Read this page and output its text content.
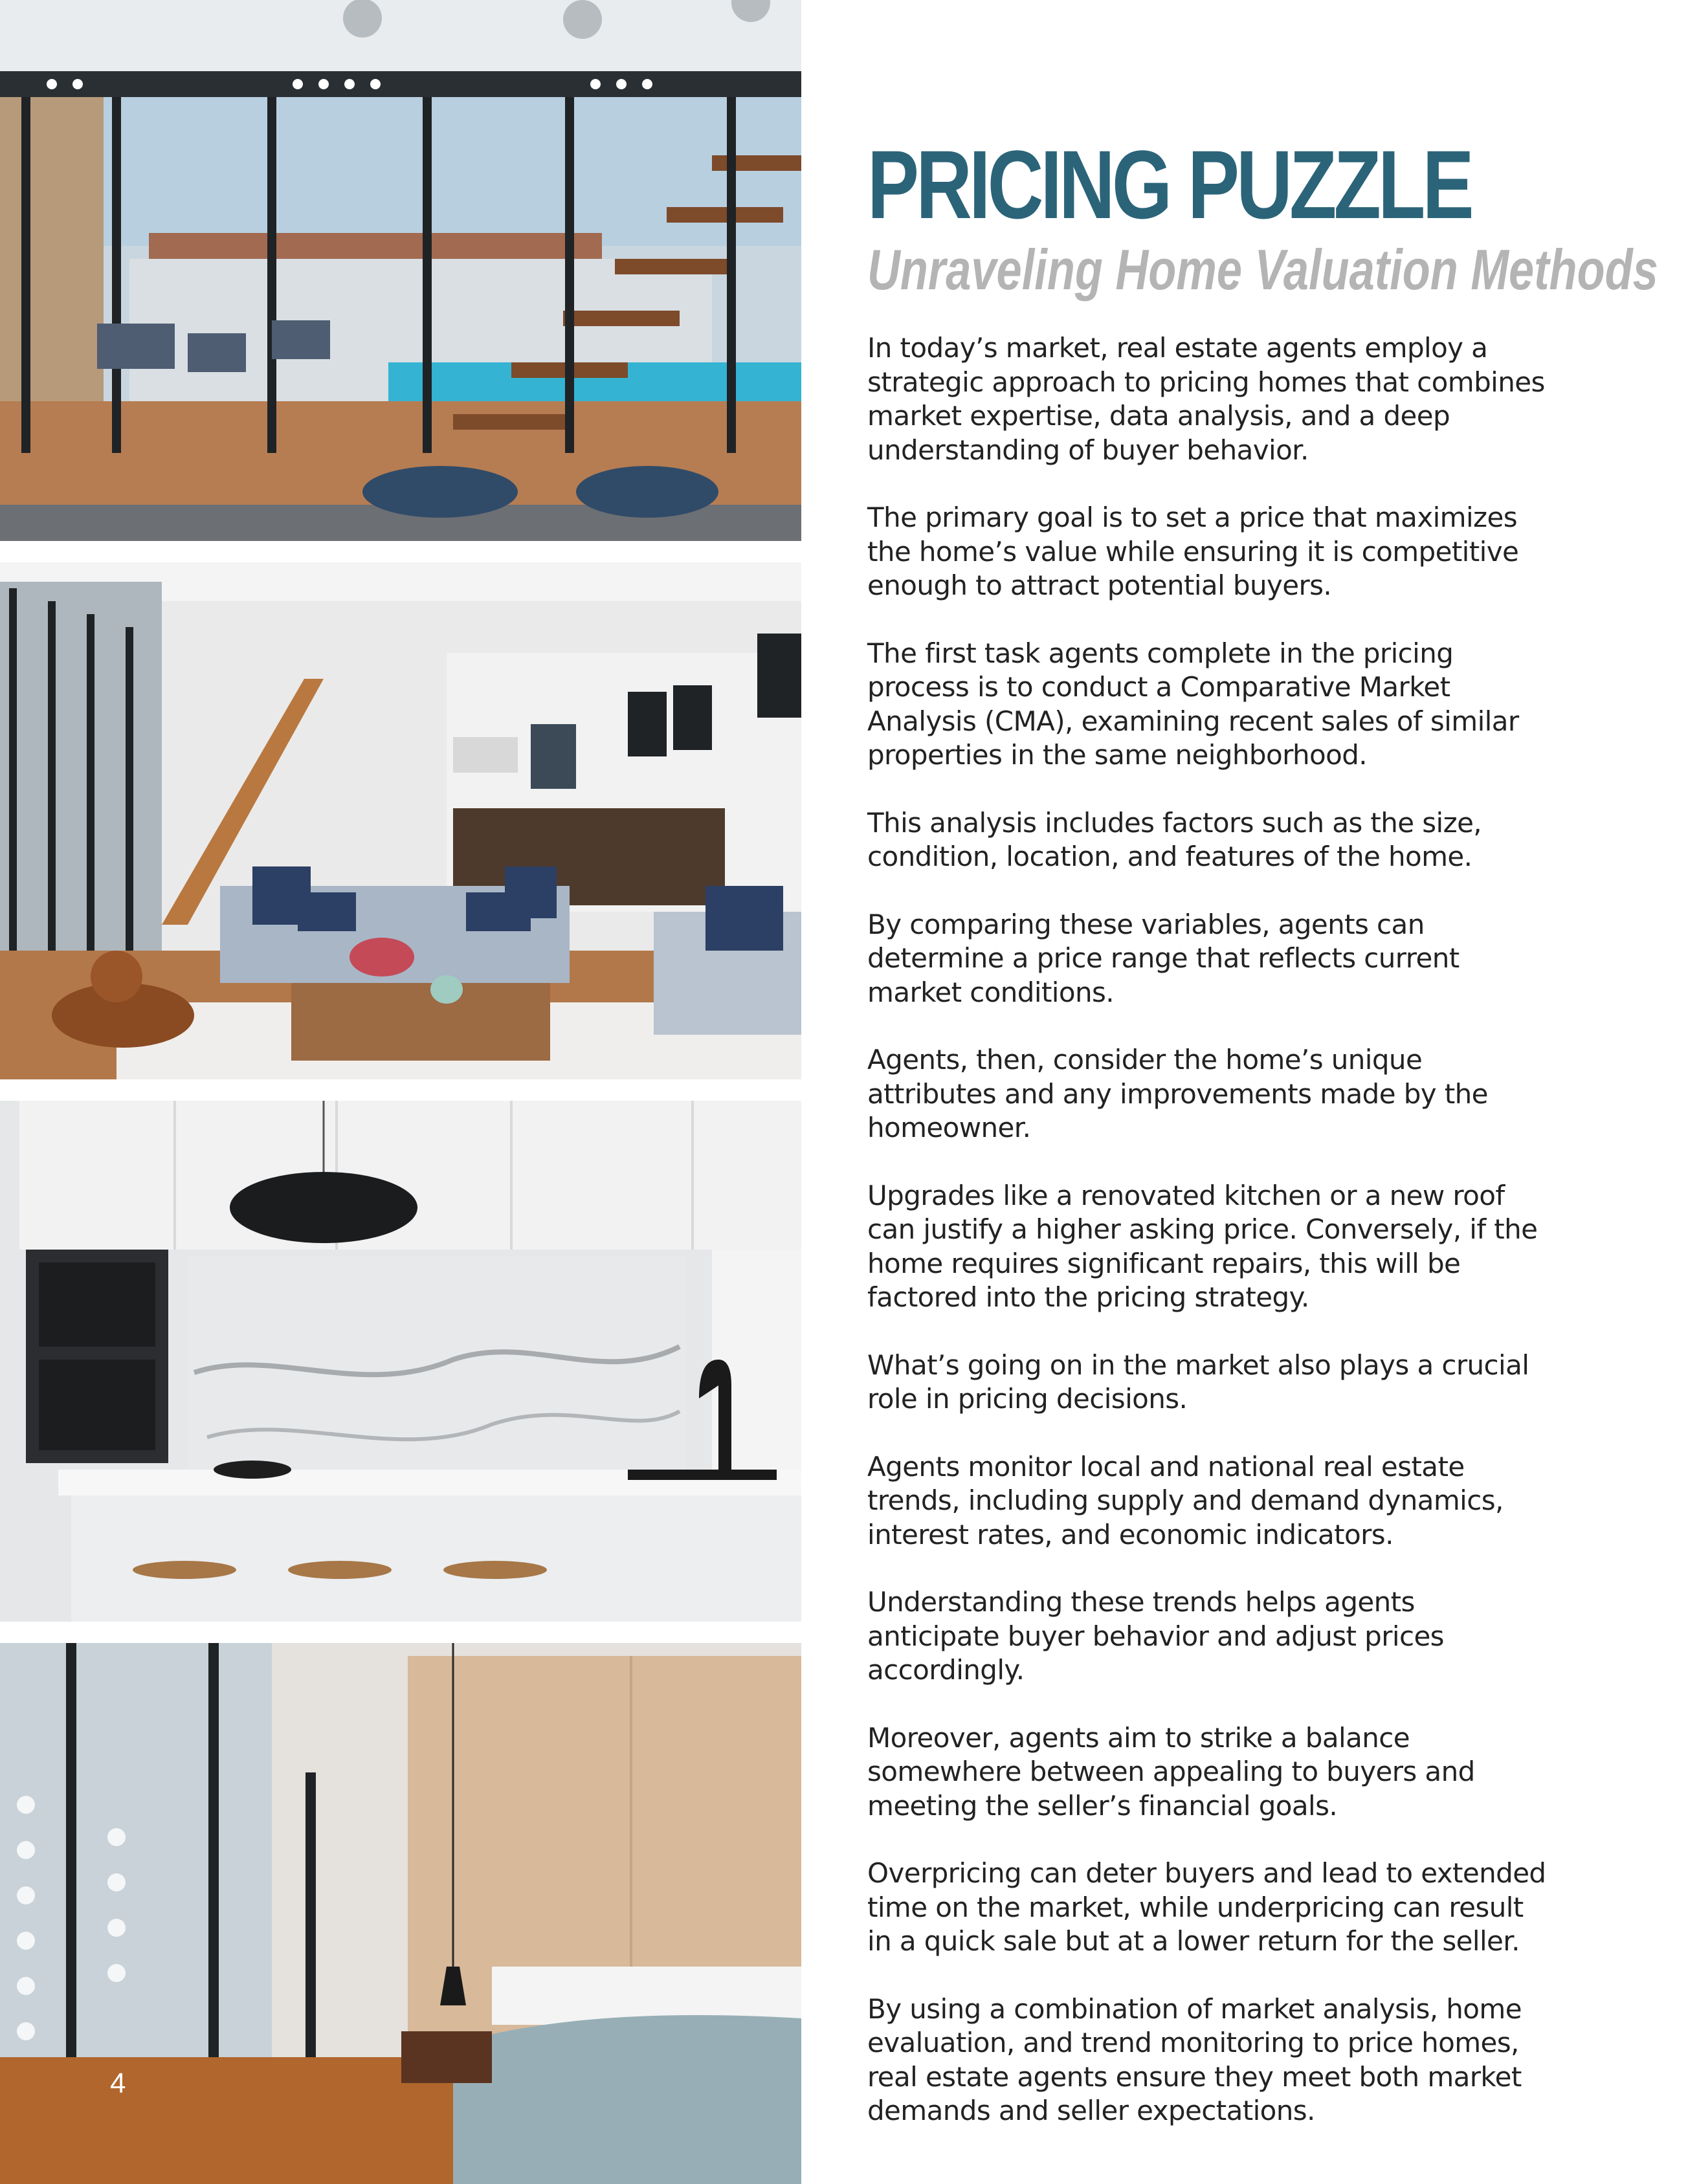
4
PRICING PUZZLE
Unraveling Home Valuation Methods

In today’s market, real estate agents employ a strategic approach to pricing homes that combines market expertise, data analysis, and a deep understanding of buyer behavior.

The primary goal is to set a price that maximizes the home’s value while ensuring it is competitive enough to attract potential buyers.

The first task agents complete in the pricing process is to conduct a Comparative Market Analysis (CMA), examining recent sales of similar properties in the same neighborhood.

This analysis includes factors such as the size, condition, location, and features of the home.

By comparing these variables, agents can determine a price range that reflects current market conditions.

Agents, then, consider the home’s unique attributes and any improvements made by the homeowner.

Upgrades like a renovated kitchen or a new roof can justify a higher asking price. Conversely, if the home requires significant repairs, this will be factored into the pricing strategy.

What’s going on in the market also plays a crucial role in pricing decisions.

Agents monitor local and national real estate trends, including supply and demand dynamics, interest rates, and economic indicators.

Understanding these trends helps agents anticipate buyer behavior and adjust prices accordingly.

Moreover, agents aim to strike a balance somewhere between appealing to buyers and meeting the seller’s financial goals.

Overpricing can deter buyers and lead to extended time on the market, while underpricing can result in a quick sale but at a lower return for the seller.

By using a combination of market analysis, home evaluation, and trend monitoring to price homes, real estate agents ensure they meet both market demands and seller expectations.
